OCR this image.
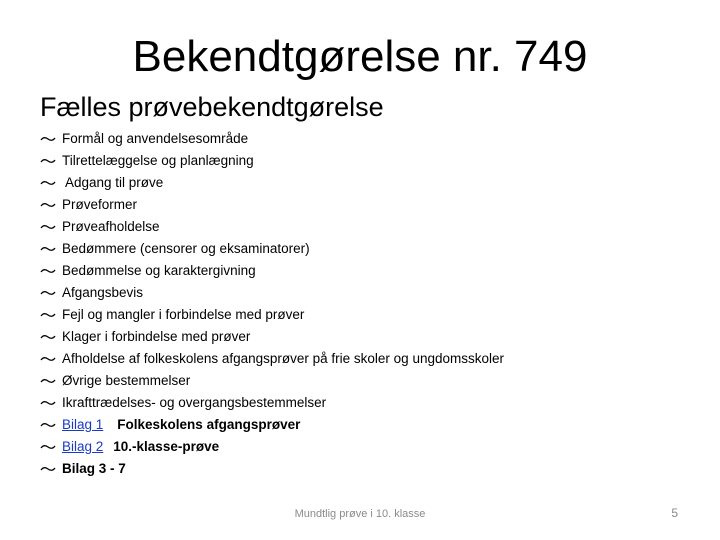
Bekendtgørelse nr. 749
Fælles prøvebekendtgørelse
Formål og anvendelsesområde
Tilrettelæggelse og planlægning
Adgang til prøve
Prøveformer
Prøveafholdelse
Bedømmere (censorer og eksaminatorer)
Bedømmelse og karaktergivning
Afgangsbevis
Fejl og mangler i forbindelse med prøver
Klager i forbindelse med prøver
Afholdelse af folkeskolens afgangsprøver på frie skoler og ungdomsskoler
Øvrige bestemmelser
Ikrafttrædelses- og overgangsbestemmelser
Bilag 1 Folkeskolens afgangsprøver
Bilag 2 10.-klasse-prøve
Bilag 3 - 7
Mundtlig prøve i 10. klasse	5
